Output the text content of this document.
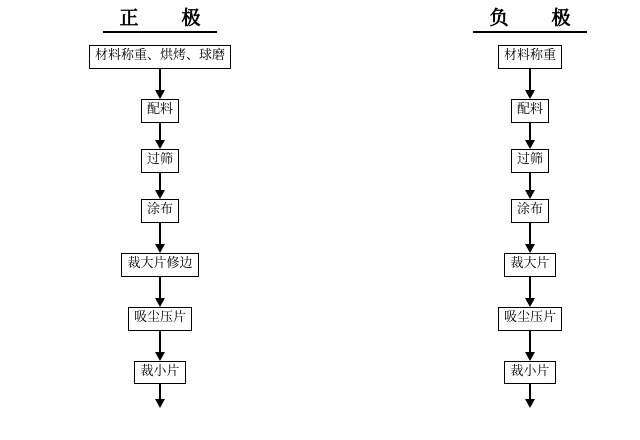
正　极
材料称重、烘烤、球磨
配料
过筛
涂布
裁大片修边
吸尘压片
裁小片
负　极
材料称重
配料
过筛
涂布
裁大片
吸尘压片
裁小片
